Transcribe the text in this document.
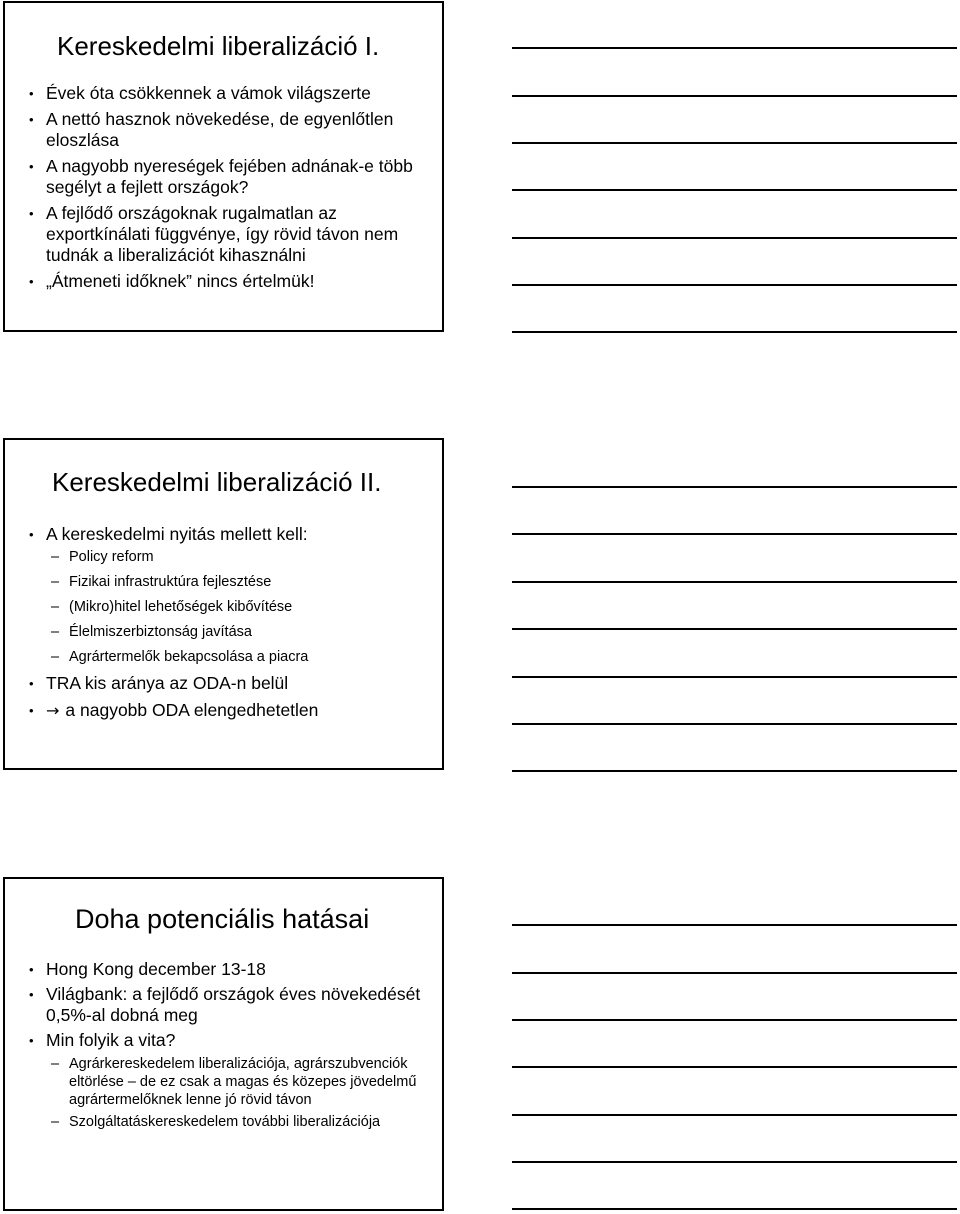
Kereskedelmi liberalizáció I.
• Évek óta csökkennek a vámok világszerte
• A nettó hasznok növekedése, de egyenlőtlen eloszlása
• A nagyobb nyereségek fejében adnának-e több segélyt a fejlett országok?
• A fejlődő országoknak rugalmatlan az exportkínálati függvénye, így rövid távon nem tudnák a liberalizációt kihasználni
• „Átmeneti időknek” nincs értelmük!
Kereskedelmi liberalizáció II.
• A kereskedelmi nyitás mellett kell:
– Policy reform
– Fizikai infrastruktúra fejlesztése
– (Mikro)hitel lehetőségek kibővítése
– Élelmiszerbiztonság javítása
– Agrártermelők bekapcsolása a piacra
• TRA kis aránya az ODA-n belül
• → a nagyobb ODA elengedhetetlen
Doha potenciális hatásai
• Hong Kong december 13-18
• Világbank: a fejlődő országok éves növekedését 0,5%-al dobná meg
• Min folyik a vita?
– Agrárkereskedelem liberalizációja, agrárszubvenciók eltörlése – de ez csak a magas és közepes jövedelmű agrártermelőknek lenne jó rövid távon
– Szolgáltatáskereskedelem további liberalizációja
